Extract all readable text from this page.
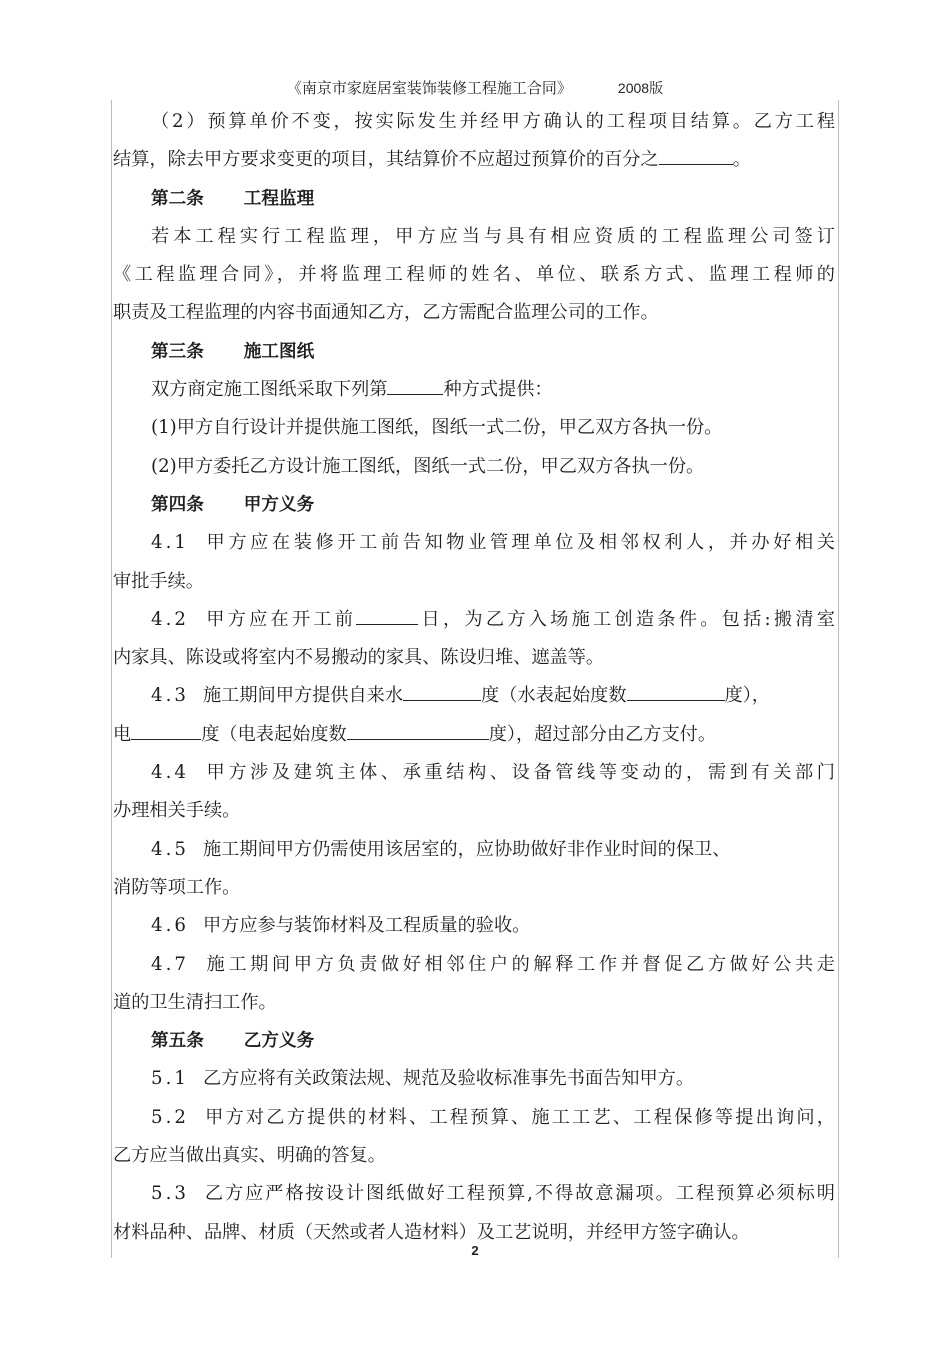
《南京市家庭居室装饰装修工程施工合同》	2008版
（2）预算单价不变，按实际发生并经甲方确认的工程项目结算。乙方工程
结算，除去甲方要求变更的项目，其结算价不应超过预算价的百分之	。
第二条 工程监理
若本工程实行工程监理，甲方应当与具有相应资质的工程监理公司签订
《工程监理合同》，并将监理工程师的姓名、单位、联系方式、监理工程师的
职责及工程监理的内容书面通知乙方，乙方需配合监理公司的工作。
第三条 施工图纸
双方商定施工图纸采取下列第	种方式提供：
(1)甲方自行设计并提供施工图纸，图纸一式二份，甲乙双方各执一份。
(2)甲方委托乙方设计施工图纸，图纸一式二份，甲乙双方各执一份。
第四条 甲方义务
4.1 甲方应在装修开工前告知物业管理单位及相邻权利人，并办好相关
审批手续。
4.2 甲方应在开工前	日，为乙方入场施工创造条件。包括:搬清室
内家具、陈设或将室内不易搬动的家具、陈设归堆、遮盖等。
4.3 施工期间甲方提供自来水	度（水表起始度数	度），
电	度（电表起始度数	度），超过部分由乙方支付。
4.4 甲方涉及建筑主体、承重结构、设备管线等变动的，需到有关部门
办理相关手续。
4.5 施工期间甲方仍需使用该居室的，应协助做好非作业时间的保卫、
消防等项工作。
4.6 甲方应参与装饰材料及工程质量的验收。
4.7 施工期间甲方负责做好相邻住户的解释工作并督促乙方做好公共走
道的卫生清扫工作。
第五条 乙方义务
5.1 乙方应将有关政策法规、规范及验收标准事先书面告知甲方。
5.2 甲方对乙方提供的材料、工程预算、施工工艺、工程保修等提出询问，
乙方应当做出真实、明确的答复。
5.3 乙方应严格按设计图纸做好工程预算,不得故意漏项。工程预算必须标明
材料品种、品牌、材质（天然或者人造材料）及工艺说明，并经甲方签字确认。
2
